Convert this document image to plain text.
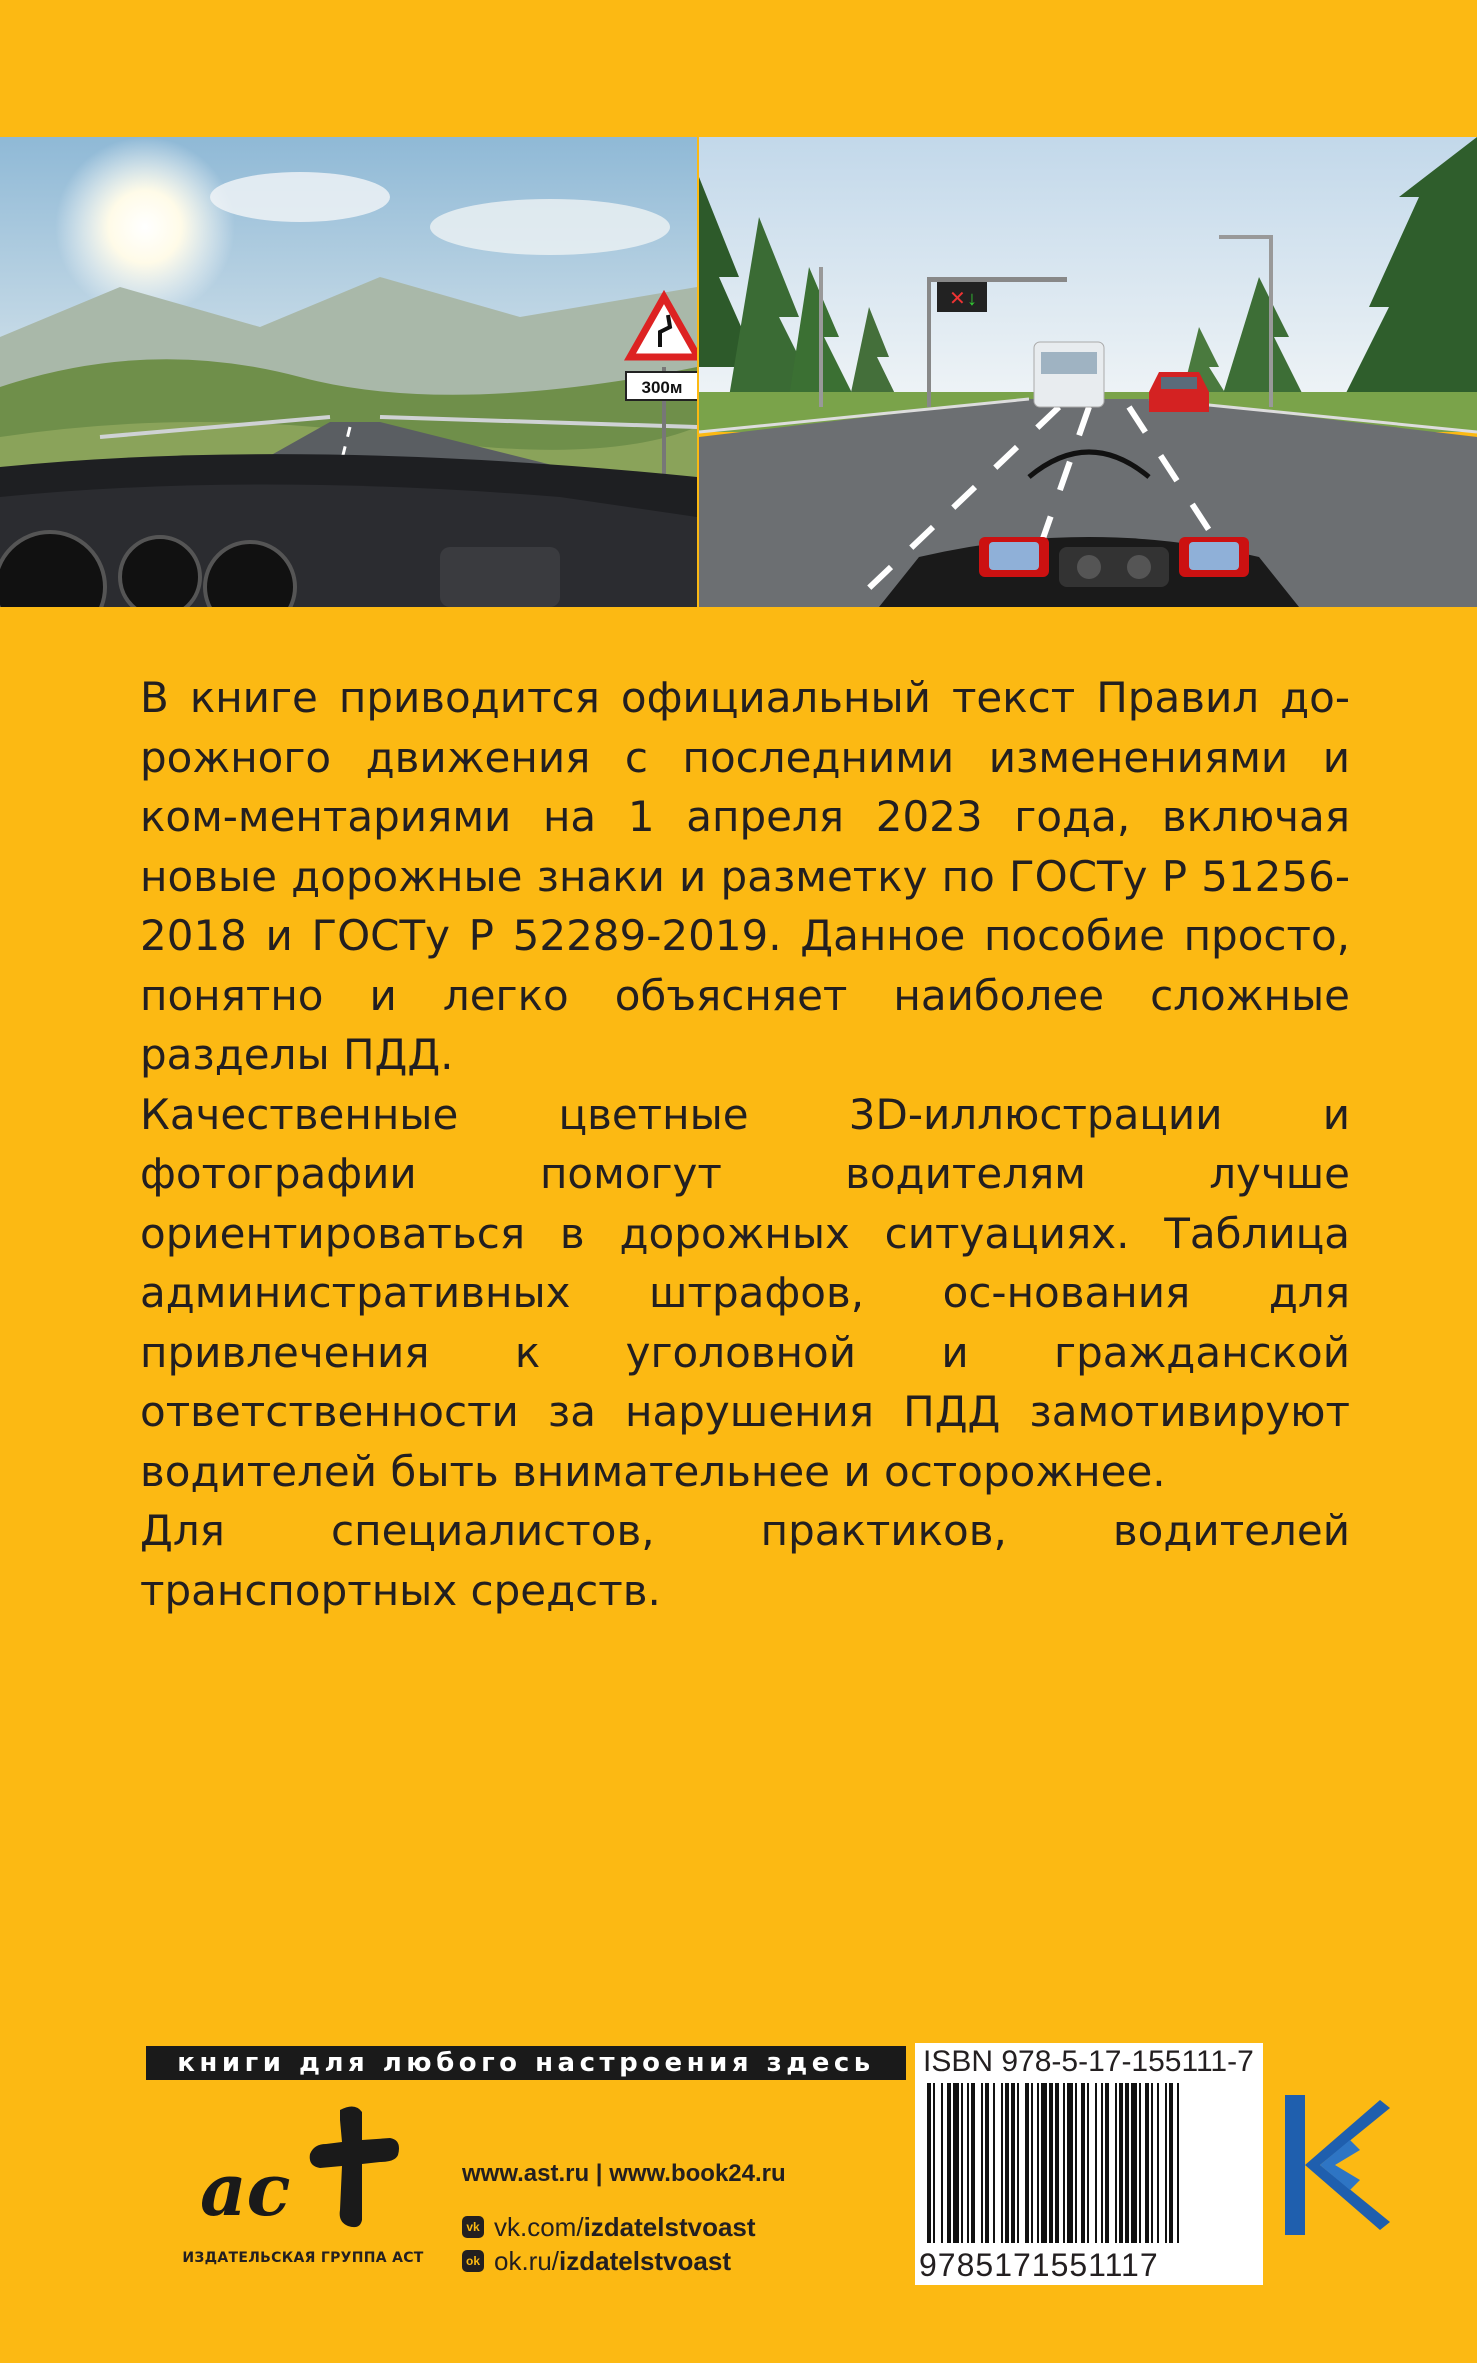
300м
✕ ↓

В книге приводится официальный текст Правил до-рожного движения с последними изменениями и ком-ментариями на 1 апреля 2023 года, включая новые дорожные знаки и разметку по ГОСТу Р 51256-2018 и ГОСТу Р 52289-2019. Данное пособие просто, понятно и легко объясняет наиболее сложные разделы ПДД.

Качественные цветные 3D-иллюстрации и фотографии помогут водителям лучше ориентироваться в дорожных ситуациях. Таблица административных штрафов, ос-нования для привлечения к уголовной и гражданской ответственности за нарушения ПДД замотивируют водителей быть внимательнее и осторожнее.

Для специалистов, практиков, водителей транспортных средств.

книги для любого настроения здесь
ac
ИЗДАТЕЛЬСКАЯ ГРУППА АСТ
www.ast.ru | www.book24.ru
vk vk.com/ izdatelstvoast
ok ok.ru/ izdatelstvoast
ISBN 978-5-17-155111-7
9785171551117
